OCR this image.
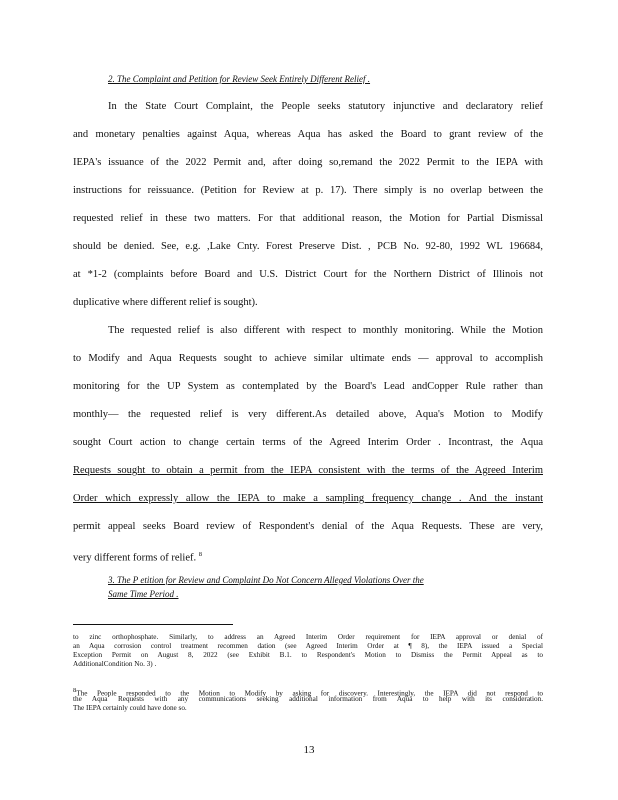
2. The Complaint and Petition for Review Seek Entirely Different Relief .
In the State Court Complaint, the People seeks statutory injunctive and declaratory relief
and monetary penalties against Aqua, whereas Aqua has asked the Board to grant review of the
IEPA's issuance of the 2022 Permit and, after doing so,remand the 2022 Permit to the IEPA with
instructions for reissuance. (Petition for Review at p. 17). There simply is no overlap between the
requested relief in these two matters. For that additional reason, the Motion for Partial Dismissal
should be denied. See, e.g. ,Lake Cnty. Forest Preserve Dist. , PCB No. 92-80, 1992 WL 196684,
at *1-2 (complaints before Board and U.S. District Court for the Northern District of Illinois not
duplicative where different relief is sought).
The requested relief is also different with respect to monthly monitoring. While the Motion
to Modify and Aqua Requests sought to achieve similar ultimate ends — approval to accomplish
monitoring for the UP System as contemplated by the Board's Lead andCopper Rule rather than
monthly— the requested relief is very different.As detailed above, Aqua's Motion to Modify
sought Court action to change certain terms of the Agreed Interim Order . Incontrast, the Aqua
Requests sought to obtain a permit from the IEPA consistent with the terms of the Agreed Interim
Order which expressly allow the IEPA to make a sampling frequency change . And the instant
permit appeal seeks Board review of Respondent's denial of the Aqua Requests. These are very,
very different forms of relief. $^8$
3. The P etition for Review and Complaint Do Not Concern Alleged Violations Over the
Same Time Period .
to zinc orthophosphate. Similarly, to address an Agreed Interim Order requirement for IEPA approval or denial of
an Aqua corrosion control treatment recommen dation (see Agreed Interim Order at ¶ 8), the IEPA issued a Special
Exception Permit on August 8, 2022 (see Exhibit B.1. to Respondent's Motion to Dismiss the Permit Appeal as to
AdditionalCondition No. 3) .
8The People responded to the Motion to Modify by asking for discovery. Interestingly, the IEPA did not respond to
the Aqua Requests with any communications seeking additional information from Aqua to help with its consideration.
The IEPA certainly could have done so.
13
